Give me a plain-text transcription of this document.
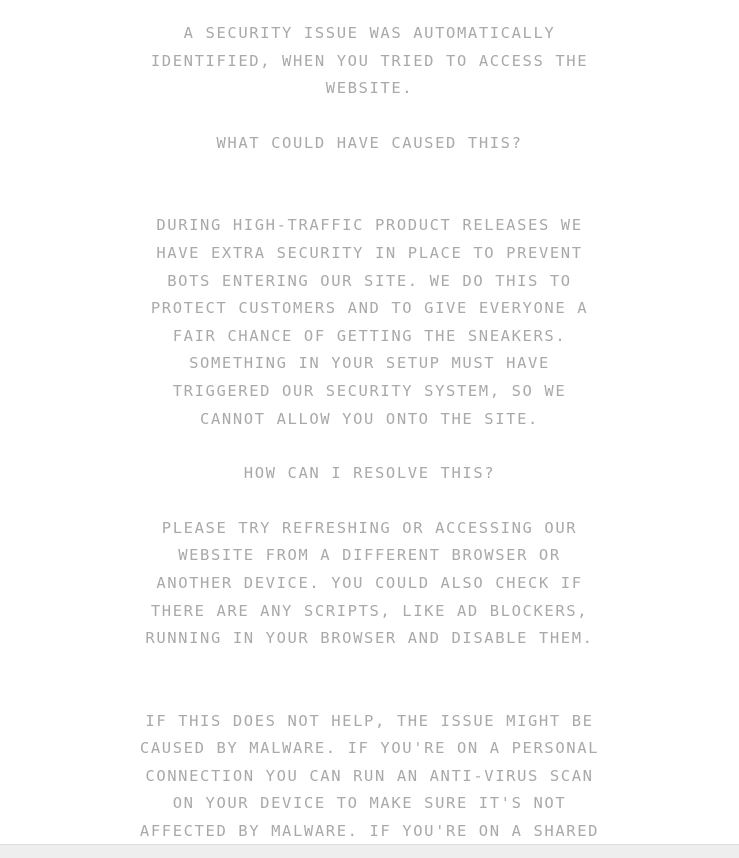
A SECURITY ISSUE WAS AUTOMATICALLY
IDENTIFIED, WHEN YOU TRIED TO ACCESS THE
WEBSITE.
WHAT COULD HAVE CAUSED THIS?
DURING HIGH-TRAFFIC PRODUCT RELEASES WE
HAVE EXTRA SECURITY IN PLACE TO PREVENT
BOTS ENTERING OUR SITE. WE DO THIS TO
PROTECT CUSTOMERS AND TO GIVE EVERYONE A
FAIR CHANCE OF GETTING THE SNEAKERS.
SOMETHING IN YOUR SETUP MUST HAVE
TRIGGERED OUR SECURITY SYSTEM, SO WE
CANNOT ALLOW YOU ONTO THE SITE.
HOW CAN I RESOLVE THIS?
PLEASE TRY REFRESHING OR ACCESSING OUR
WEBSITE FROM A DIFFERENT BROWSER OR
ANOTHER DEVICE. YOU COULD ALSO CHECK IF
THERE ARE ANY SCRIPTS, LIKE AD BLOCKERS,
RUNNING IN YOUR BROWSER AND DISABLE THEM.
IF THIS DOES NOT HELP, THE ISSUE MIGHT BE
CAUSED BY MALWARE. IF YOU'RE ON A PERSONAL
CONNECTION YOU CAN RUN AN ANTI-VIRUS SCAN
ON YOUR DEVICE TO MAKE SURE IT'S NOT
AFFECTED BY MALWARE. IF YOU'RE ON A SHARED
